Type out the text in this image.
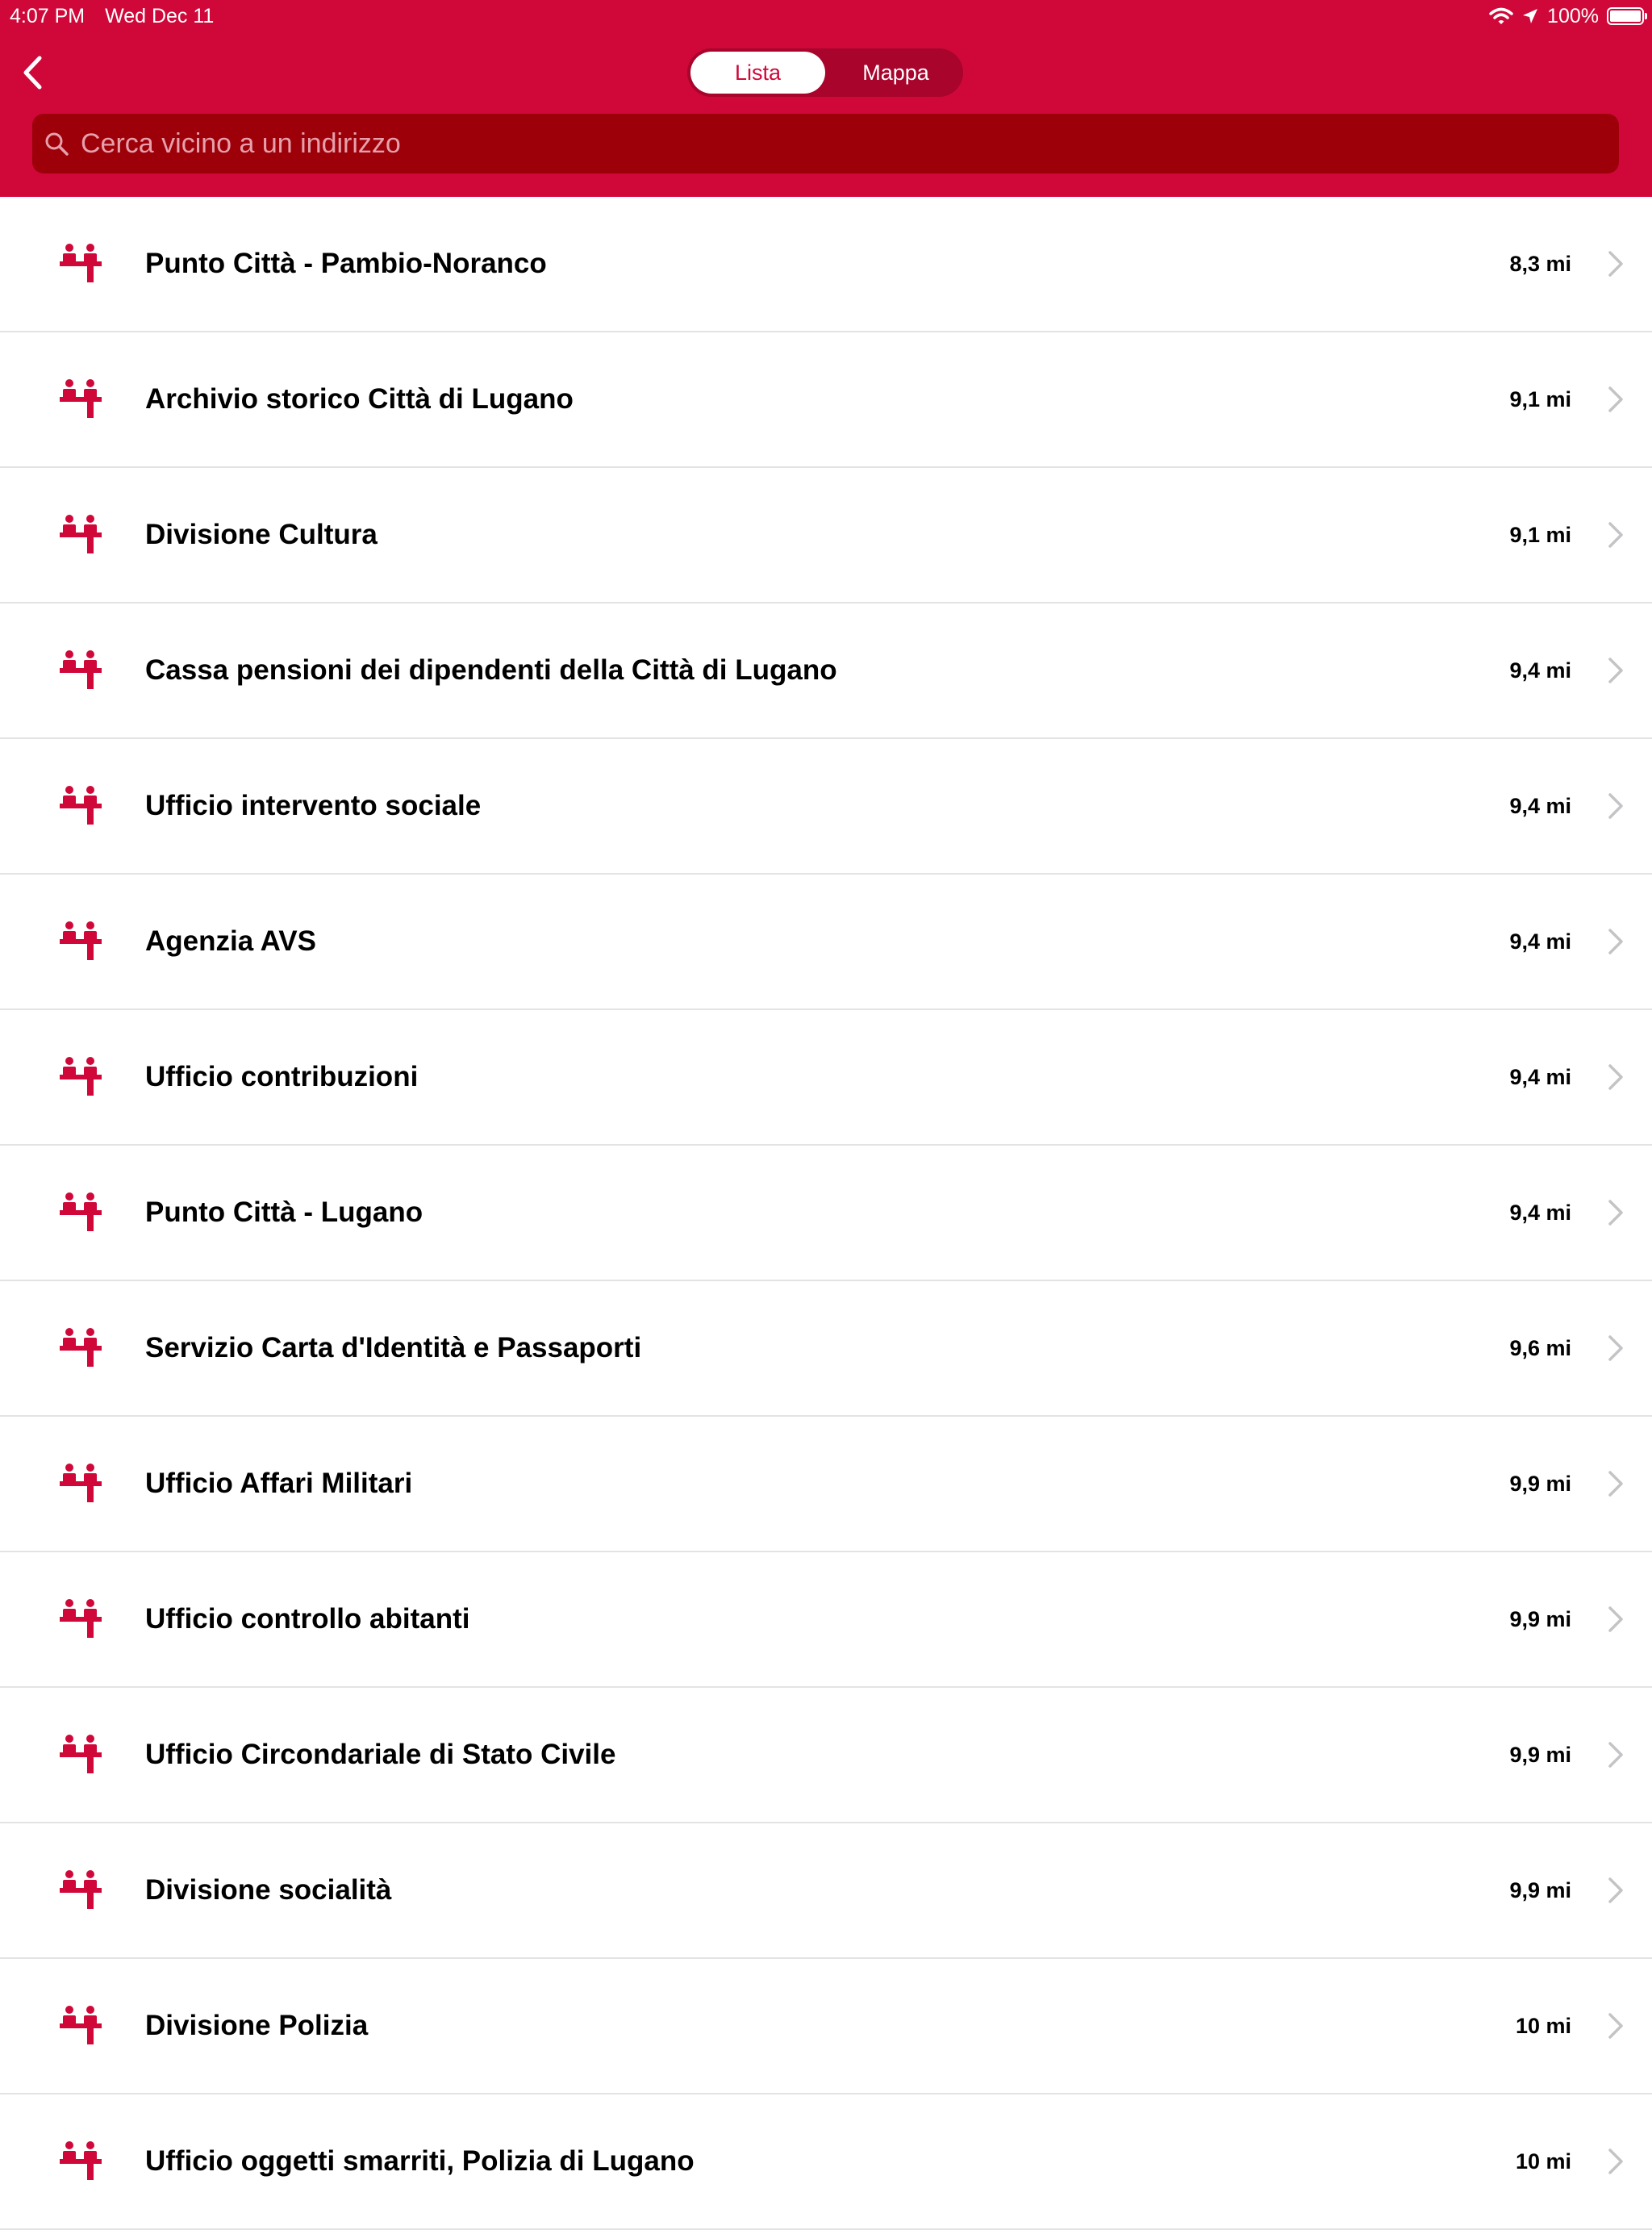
4:07 PM Wed Dec 11	100%
Lista	Mappa
Cerca vicino a un indirizzo
Punto Città - Pambio-Noranco	8,3 mi
Archivio storico Città di Lugano	9,1 mi
Divisione Cultura	9,1 mi
Cassa pensioni dei dipendenti della Città di Lugano	9,4 mi
Ufficio intervento sociale	9,4 mi
Agenzia AVS	9,4 mi
Ufficio contribuzioni	9,4 mi
Punto Città - Lugano	9,4 mi
Servizio Carta d'Identità e Passaporti	9,6 mi
Ufficio Affari Militari	9,9 mi
Ufficio controllo abitanti	9,9 mi
Ufficio Circondariale di Stato Civile	9,9 mi
Divisione socialità	9,9 mi
Divisione Polizia	10 mi
Ufficio oggetti smarriti, Polizia di Lugano	10 mi
